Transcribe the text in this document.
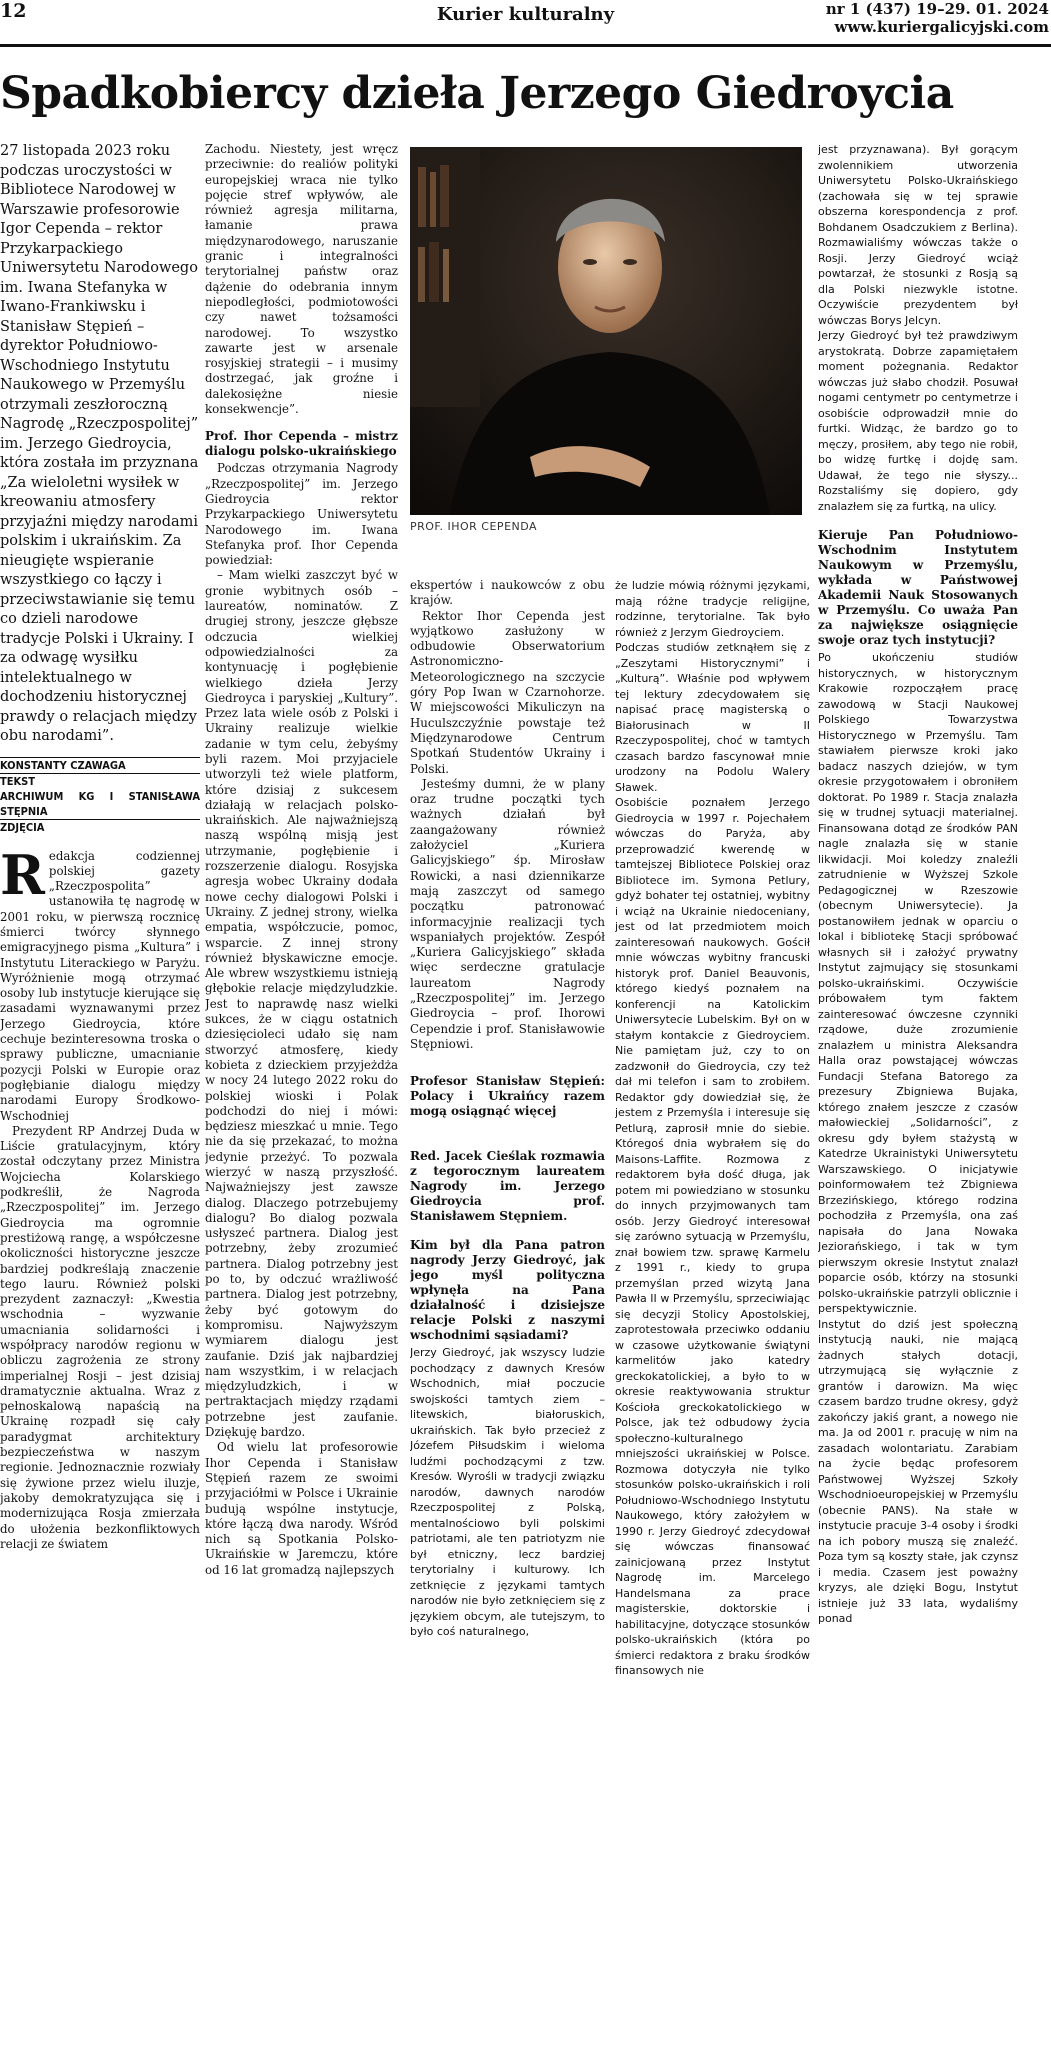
12	Kurier kulturalny	nr 1 (437) 19–29. 01. 2024
www.kuriergalicyjski.com
Spadkobiercy dzieła Jerzego Giedroycia

27 listopada 2023 roku podczas uroczystości w Bibliotece Narodowej w Warszawie profesorowie Igor Cependa – rektor Przykarpackiego Uniwersytetu Narodowego im. Iwana Stefanyka w Iwano-Frankiwsku i Stanisław Stępień – dyrektor Południowo-Wschodniego Instytutu Naukowego w Przemyślu otrzymali zeszłoroczną Nagrodę „Rzeczpospolitej” im. Jerzego Giedroycia, która została im przyznana „Za wieloletni wysiłek w kreowaniu atmosfery przyjaźni między narodami polskim i ukraińskim. Za nieugięte wspieranie wszystkiego co łączy i przeciwstawianie się temu co dzieli narodowe tradycje Polski i Ukrainy. I za odwagę wysiłku intelektualnego w dochodzeniu historycznej prawdy o relacjach między obu narodami”.

KONSTANTY CZAWAGA
TEKST
ARCHIWUM KG I STANISŁAWA STĘPNIA
ZDJĘCIA
R edakcja codziennej polskiej gazety „Rzeczpospolita” ustanowiła tę nagrodę w 2001 roku, w pierwszą rocznicę śmierci twórcy słynnego emigracyjnego pisma „Kultura” i Instytutu Literackiego w Paryżu. Wyróżnienie mogą otrzymać osoby lub instytucje kierujące się zasadami wyznawanymi przez Jerzego Giedroycia, które cechuje bezinteresowna troska o sprawy publiczne, umacnianie pozycji Polski w Europie oraz pogłębianie dialogu między narodami Europy Środkowo-Wschodniej

Prezydent RP Andrzej Duda w Liście gratulacyjnym, który został odczytany przez Ministra Wojciecha Kolarskiego podkreślił, że Nagroda „Rzeczpospolitej” im. Jerzego Giedroycia ma ogromnie prestiżową rangę, a współczesne okoliczności historyczne jeszcze bardziej podkreślają znaczenie tego lauru. Również polski prezydent zaznaczył: „Kwestia wschodnia – wyzwanie umacniania solidarności i współpracy narodów regionu w obliczu zagrożenia ze strony imperialnej Rosji – jest dzisiaj dramatycznie aktualna. Wraz z pełnoskalową napaścią na Ukrainę rozpadł się cały paradygmat architektury bezpieczeństwa w naszym regionie. Jednoznacznie rozwiały się żywione przez wielu iluzje, jakoby demokratyzująca się i modernizująca Rosja zmierzała do ułożenia bezkonfliktowych relacji ze światem

Zachodu. Niestety, jest wręcz przeciwnie: do realiów polityki europejskiej wraca nie tylko pojęcie stref wpływów, ale również agresja militarna, łamanie prawa międzynarodowego, naruszanie granic i integralności terytorialnej państw oraz dążenie do odebrania innym niepodległości, podmiotowości czy nawet tożsamości narodowej. To wszystko zawarte jest w arsenale rosyjskiej strategii – i musimy dostrzegać, jak groźne i dalekosiężne niesie konsekwencje”.

Prof. Ihor Cependa – mistrz dialogu polsko-ukraińskiego

Podczas otrzymania Nagrody „Rzeczpospolitej” im. Jerzego Giedroycia rektor Przykarpackiego Uniwersytetu Narodowego im. Iwana Stefanyka prof. Ihor Cependa powiedział:

– Mam wielki zaszczyt być w gronie wybitnych osób – laureatów, nominatów. Z drugiej strony, jeszcze głębsze odczucia wielkiej odpowiedzialności za kontynuację i pogłębienie wielkiego dzieła Jerzy Giedroyca i paryskiej „Kultury”. Przez lata wiele osób z Polski i Ukrainy realizuje wielkie zadanie w tym celu, żebyśmy byli razem. Moi przyjaciele utworzyli też wiele platform, które dzisiaj z sukcesem działają w relacjach polsko-ukraińskich. Ale najważniejszą naszą wspólną misją jest utrzymanie, pogłębienie i rozszerzenie dialogu. Rosyjska agresja wobec Ukrainy dodała nowe cechy dialogowi Polski i Ukrainy. Z jednej strony, wielka empatia, współczucie, pomoc, wsparcie. Z innej strony również błyskawiczne emocje. Ale wbrew wszystkiemu istnieją głębokie relacje międzyludzkie. Jest to naprawdę nasz wielki sukces, że w ciągu ostatnich dziesięcioleci udało się nam stworzyć atmosferę, kiedy kobieta z dzieckiem przyjeżdża w nocy 24 lutego 2022 roku do polskiej wioski i Polak podchodzi do niej i mówi: będziesz mieszkać u mnie. Tego nie da się przekazać, to można jedynie przeżyć. To pozwala wierzyć w naszą przyszłość. Najważniejszy jest zawsze dialog. Dlaczego potrzebujemy dialogu? Bo dialog pozwala usłyszeć partnera. Dialog jest potrzebny, żeby zrozumieć partnera. Dialog potrzebny jest po to, by odczuć wrażliwość partnera. Dialog jest potrzebny, żeby być gotowym do kompromisu. Najwyższym wymiarem dialogu jest zaufanie. Dziś jak najbardziej nam wszystkim, i w relacjach międzyludzkich, i w pertraktacjach między rządami potrzebne jest zaufanie. Dziękuję bardzo.

Od wielu lat profesorowie Ihor Cependa i Stanisław Stępień razem ze swoimi przyjaciółmi w Polsce i Ukrainie budują wspólne instytucje, które łączą dwa narody. Wśród nich są Spotkania Polsko-Ukraińskie w Jaremczu, które od 16 lat gromadzą najlepszych

PROF. IHOR CEPENDA

ekspertów i naukowców z obu krajów.

Rektor Ihor Cependa jest wyjątkowo zasłużony w odbudowie Obserwatorium Astronomiczno-Meteorologicznego na szczycie góry Pop Iwan w Czarnohorze. W miejscowości Mikuliczyn na Huculszczyźnie powstaje też Międzynarodowe Centrum Spotkań Studentów Ukrainy i Polski.

Jesteśmy dumni, że w plany oraz trudne początki tych ważnych działań był zaangażowany również założyciel „Kuriera Galicyjskiego” śp. Mirosław Rowicki, a nasi dziennikarze mają zaszczyt od samego początku patronować informacyjnie realizacji tych wspaniałych projektów. Zespół „Kuriera Galicyjskiego” składa więc serdeczne gratulacje laureatom Nagrody „Rzeczpospolitej” im. Jerzego Giedroycia – prof. Ihorowi Cependzie i prof. Stanisławowie Stępniowi.

Profesor Stanisław Stępień: Polacy i Ukraińcy razem mogą osiągnąć więcej
Red. Jacek Cieślak rozmawia z tegorocznym laureatem Nagrody im. Jerzego Giedroycia prof. Stanisławem Stępniem.
Kim był dla Pana patron nagrody Jerzy Giedroyć, jak jego myśl polityczna wpłynęła na Pana działalność i dzisiejsze relacje Polski z naszymi wschodnimi sąsiadami?

Jerzy Giedroyć, jak wszyscy ludzie pochodzący z dawnych Kresów Wschodnich, miał poczucie swojskości tamtych ziem – litewskich, białoruskich, ukraińskich. Tak było przecież z Józefem Piłsudskim i wieloma ludźmi pochodzącymi z tzw. Kresów. Wyrośli w tradycji związku narodów, dawnych narodów Rzeczpospolitej z Polską, mentalnościowo byli polskimi patriotami, ale ten patriotyzm nie był etniczny, lecz bardziej terytorialny i kulturowy. Ich zetknięcie z językami tamtych narodów nie było zetknięciem się z językiem obcym, ale tutejszym, to było coś naturalnego,

że ludzie mówią różnymi językami, mają różne tradycje religijne, rodzinne, terytorialne. Tak było również z Jerzym Giedroyciem.

Podczas studiów zetknąłem się z „Zeszytami Historycznymi” i „Kulturą”. Właśnie pod wpływem tej lektury zdecydowałem się napisać pracę magisterską o Białorusinach w II Rzeczypospolitej, choć w tamtych czasach bardzo fascynował mnie urodzony na Podolu Walery Sławek.

Osobiście poznałem Jerzego Giedroycia w 1997 r. Pojechałem wówczas do Paryża, aby przeprowadzić kwerendę w tamtejszej Bibliotece Polskiej oraz Bibliotece im. Symona Petlury, gdyż bohater tej ostatniej, wybitny i wciąż na Ukrainie niedoceniany, jest od lat przedmiotem moich zainteresowań naukowych. Gościł mnie wówczas wybitny francuski historyk prof. Daniel Beauvonis, którego kiedyś poznałem na konferencji na Katolickim Uniwersytecie Lubelskim. Był on w stałym kontakcie z Giedroyciem. Nie pamiętam już, czy to on zadzwonił do Giedroycia, czy też dał mi telefon i sam to zrobiłem. Redaktor gdy dowiedział się, że jestem z Przemyśla i interesuje się Petlurą, zaprosił mnie do siebie. Któregoś dnia wybrałem się do Maisons-Laffite. Rozmowa z redaktorem była dość długa, jak potem mi powiedziano w stosunku do innych przyjmowanych tam osób. Jerzy Giedroyć interesował się zarówno sytuacją w Przemyślu, znał bowiem tzw. sprawę Karmelu z 1991 r., kiedy to grupa przemyślan przed wizytą Jana Pawła II w Przemyślu, sprzeciwiając się decyzji Stolicy Apostolskiej, zaprotestowała przeciwko oddaniu w czasowe użytkowanie świątyni karmelitów jako katedry greckokatolickiej, a było to w okresie reaktywowania struktur Kościoła greckokatolickiego w Polsce, jak też odbudowy życia społeczno-kulturalnego mniejszości ukraińskiej w Polsce. Rozmowa dotyczyła nie tylko stosunków polsko-ukraińskich i roli Południowo-Wschodniego Instytutu Naukowego, który założyłem w 1990 r. Jerzy Giedroyć zdecydował się wówczas finansować zainicjowaną przez Instytut Nagrodę im. Marcelego Handelsmana za prace magisterskie, doktorskie i habilitacyjne, dotyczące stosunków polsko-ukraińskich (która po śmierci redaktora z braku środków finansowych nie

jest przyznawana). Był gorącym zwolennikiem utworzenia Uniwersytetu Polsko-Ukraińskiego (zachowała się w tej sprawie obszerna korespondencja z prof. Bohdanem Osadczukiem z Berlina). Rozmawialiśmy wówczas także o Rosji. Jerzy Giedroyć wciąż powtarzał, że stosunki z Rosją są dla Polski niezwykle istotne. Oczywiście prezydentem był wówczas Borys Jelcyn.

Jerzy Giedroyć był też prawdziwym arystokratą. Dobrze zapamiętałem moment pożegnania. Redaktor wówczas już słabo chodził. Posuwał nogami centymetr po centymetrze i osobiście odprowadził mnie do furtki. Widząc, że bardzo go to męczy, prosiłem, aby tego nie robił, bo widzę furtkę i dojdę sam. Udawał, że tego nie słyszy... Rozstaliśmy się dopiero, gdy znalazłem się za furtką, na ulicy.

Kieruje Pan Południowo-Wschodnim Instytutem Naukowym w Przemyślu, wykłada w Państwowej Akademii Nauk Stosowanych w Przemyślu. Co uważa Pan za największe osiągnięcie swoje oraz tych instytucji?

Po ukończeniu studiów historycznych, w historycznym Krakowie rozpocząłem pracę zawodową w Stacji Naukowej Polskiego Towarzystwa Historycznego w Przemyślu. Tam stawiałem pierwsze kroki jako badacz naszych dziejów, w tym okresie przygotowałem i obroniłem doktorat. Po 1989 r. Stacja znalazła się w trudnej sytuacji materialnej. Finansowana dotąd ze środków PAN nagle znalazła się w stanie likwidacji. Moi koledzy znaleźli zatrudnienie w Wyższej Szkole Pedagogicznej w Rzeszowie (obecnym Uniwersytecie). Ja postanowiłem jednak w oparciu o lokal i bibliotekę Stacji spróbować własnych sił i założyć prywatny Instytut zajmujący się stosunkami polsko-ukraińskimi. Oczywiście próbowałem tym faktem zainteresować ówczesne czynniki rządowe, duże zrozumienie znalazłem u ministra Aleksandra Halla oraz powstającej wówczas Fundacji Stefana Batorego za prezesury Zbigniewa Bujaka, którego znałem jeszcze z czasów małowieckiej „Solidarności”, z okresu gdy byłem stażystą w Katedrze Ukrainistyki Uniwersytetu Warszawskiego. O inicjatywie poinformowałem też Zbigniewa Brzezińskiego, którego rodzina pochodziła z Przemyśla, ona zaś napisała do Jana Nowaka Jeziorańskiego, i tak w tym pierwszym okresie Instytut znalazł poparcie osób, którzy na stosunki polsko-ukraińskie patrzyli oblicznie i perspektywicznie.

Instytut do dziś jest społeczną instytucją nauki, nie mającą żadnych stałych dotacji, utrzymującą się wyłącznie z grantów i darowizn. Ma więc czasem bardzo trudne okresy, gdyż zakończy jakiś grant, a nowego nie ma. Ja od 2001 r. pracuję w nim na zasadach wolontariatu. Zarabiam na życie będąc profesorem Państwowej Wyższej Szkoły Wschodnioeuropejskiej w Przemyślu (obecnie PANS). Na stałe w instytucie pracuje 3-4 osoby i środki na ich pobory muszą się znaleźć. Poza tym są koszty stałe, jak czynsz i media. Czasem jest poważny kryzys, ale dzięki Bogu, Instytut istnieje już 33 lata, wydaliśmy ponad
